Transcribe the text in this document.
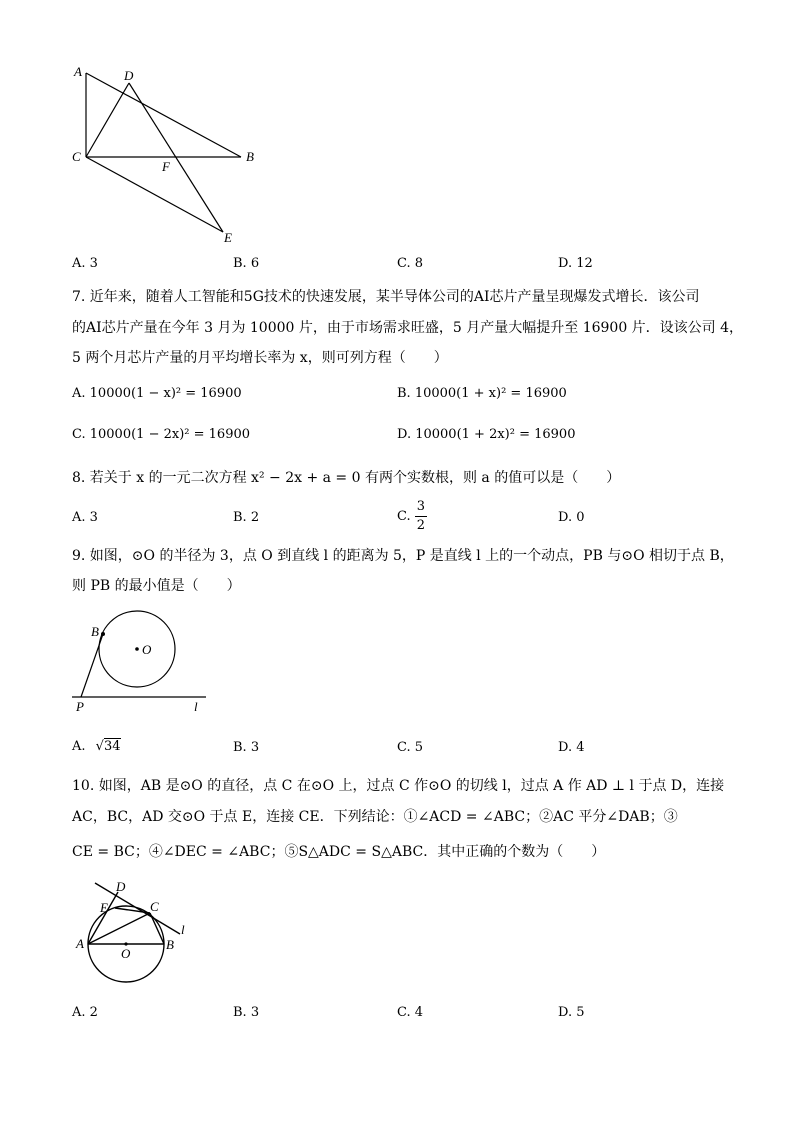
A	D
C
F
B
E
A. 3	B. 6	C. 8	D. 12
7. 近年来，随着人工智能和5G技术的快速发展，某半导体公司的AI芯片产量呈现爆发式增长．该公司
的AI芯片产量在今年 3 月为 10000 片，由于市场需求旺盛，5 月产量大幅提升至 16900 片．设该公司 4，
5 两个月芯片产量的月平均增长率为 x，则可列方程（　　）
A. 10000(1 − x)² = 16900	B. 10000(1 + x)² = 16900
C. 10000(1 − 2x)² = 16900	D. 10000(1 + 2x)² = 16900
8. 若关于 x 的一元二次方程 x² − 2x + a = 0 有两个实数根，则 a 的值可以是（　　）
A. 3	B. 2	C. $\frac{3}{2}$	D. 0
9. 如图，⊙O 的半径为 3，点 O 到直线 l 的距离为 5，P 是直线 l 上的一个动点，PB 与⊙O 相切于点 B，
则 PB 的最小值是（　　）
B
O
P	l
A. √34	B. 3	C. 5	D. 4
10. 如图，AB 是⊙O 的直径，点 C 在⊙O 上，过点 C 作⊙O 的切线 l，过点 A 作 AD ⊥ l 于点 D，连接
AC，BC，AD 交⊙O 于点 E，连接 CE．下列结论：①∠ACD = ∠ABC；②AC 平分∠DAB；③
CE = BC；④∠DEC = ∠ABC；⑤S△ADC = S△ABC．其中正确的个数为（　　）
D
E	C
A	B
O
l
A. 2	B. 3	C. 4	D. 5
